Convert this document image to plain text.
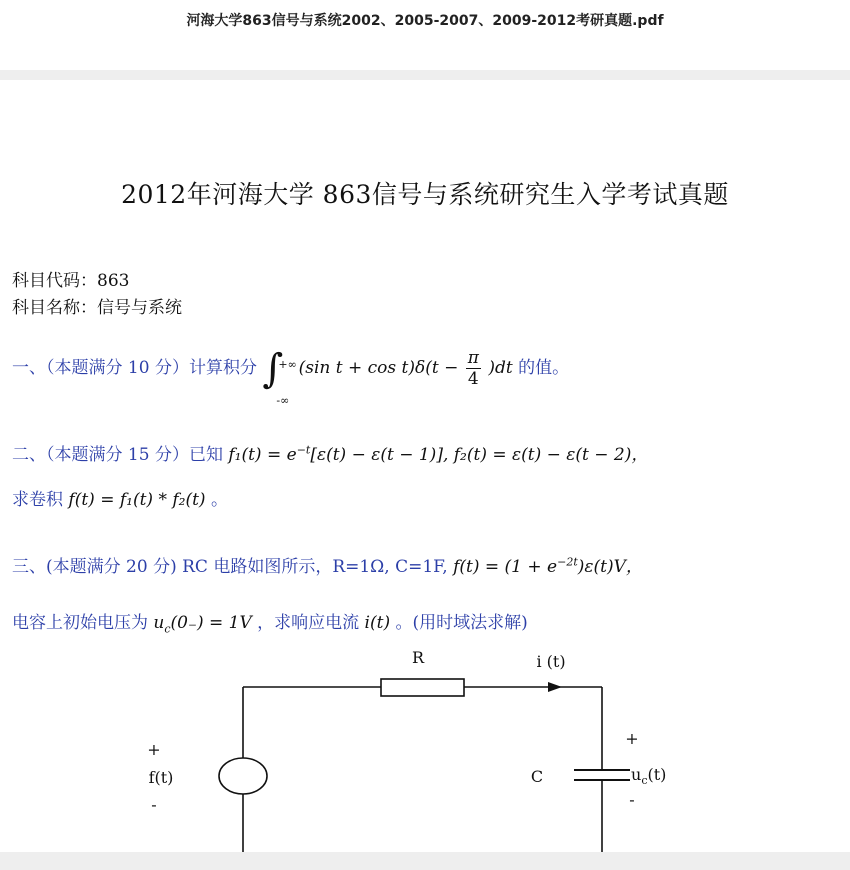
河海大学863信号与系统2002、2005-2007、2009-2012考研真题.pdf
2012年河海大学 863信号与系统研究生入学考试真题
科目代码：863
科目名称：信号与系统
一、（本题满分 10 分）计算积分 ∫
+∞
-∞
(sin $t + \cos t)\delta(t - \frac{\pi}{4} )dt$ 的值。
二、（本题满分 15 分）已知 $f_1(t) = e^{-t}[\varepsilon(t) - \varepsilon(t - 1)]$, f₂(t) = ε(t) − ε(t − 2)，
求卷积 f(t) = f₁(t) * f₂(t) 。
三、(本题满分 20 分) RC 电路如图所示，R=1Ω, C=1F, $f(t) = (1 + e^{-2t})\varepsilon(t)V$，
电容上初始电压为 $u_c(0_-) = 1V$ ，求响应电流 i(t) 。(用时域法求解)
R	i (t)
+
f(t)
-
C
+
$u_c(t)$
-
